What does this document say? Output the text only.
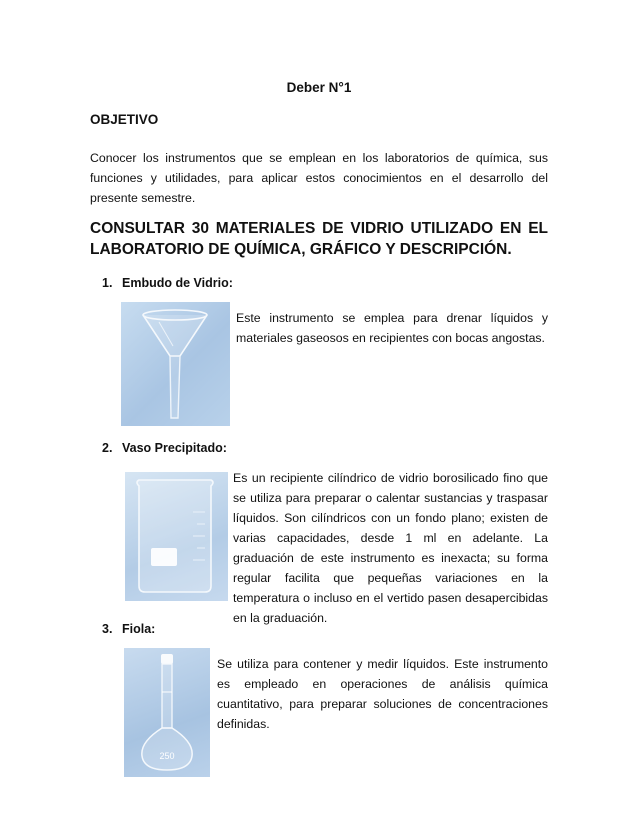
Deber N°1
OBJETIVO
Conocer los instrumentos que se emplean en los laboratorios de química, sus funciones y utilidades, para aplicar estos conocimientos en el desarrollo del presente semestre.
CONSULTAR 30 MATERIALES DE VIDRIO UTILIZADO EN EL LABORATORIO DE QUÍMICA, GRÁFICO Y DESCRIPCIÓN.
1. Embudo de Vidrio:
Este instrumento se emplea para drenar líquidos y materiales gaseosos en recipientes con bocas angostas.
2. Vaso Precipitado:
Es un recipiente cilíndrico de vidrio borosilicado fino que se utiliza para preparar o calentar sustancias y traspasar líquidos. Son cilíndricos con un fondo plano; existen de varias capacidades, desde 1 ml en adelante. La graduación de este instrumento es inexacta; su forma regular facilita que pequeñas variaciones en la temperatura o incluso en el vertido pasen desapercibidas en la graduación.
3. Fiola:
250
Se utiliza para contener y medir líquidos. Este instrumento es empleado en operaciones de análisis química cuantitativo, para preparar soluciones de concentraciones definidas.
